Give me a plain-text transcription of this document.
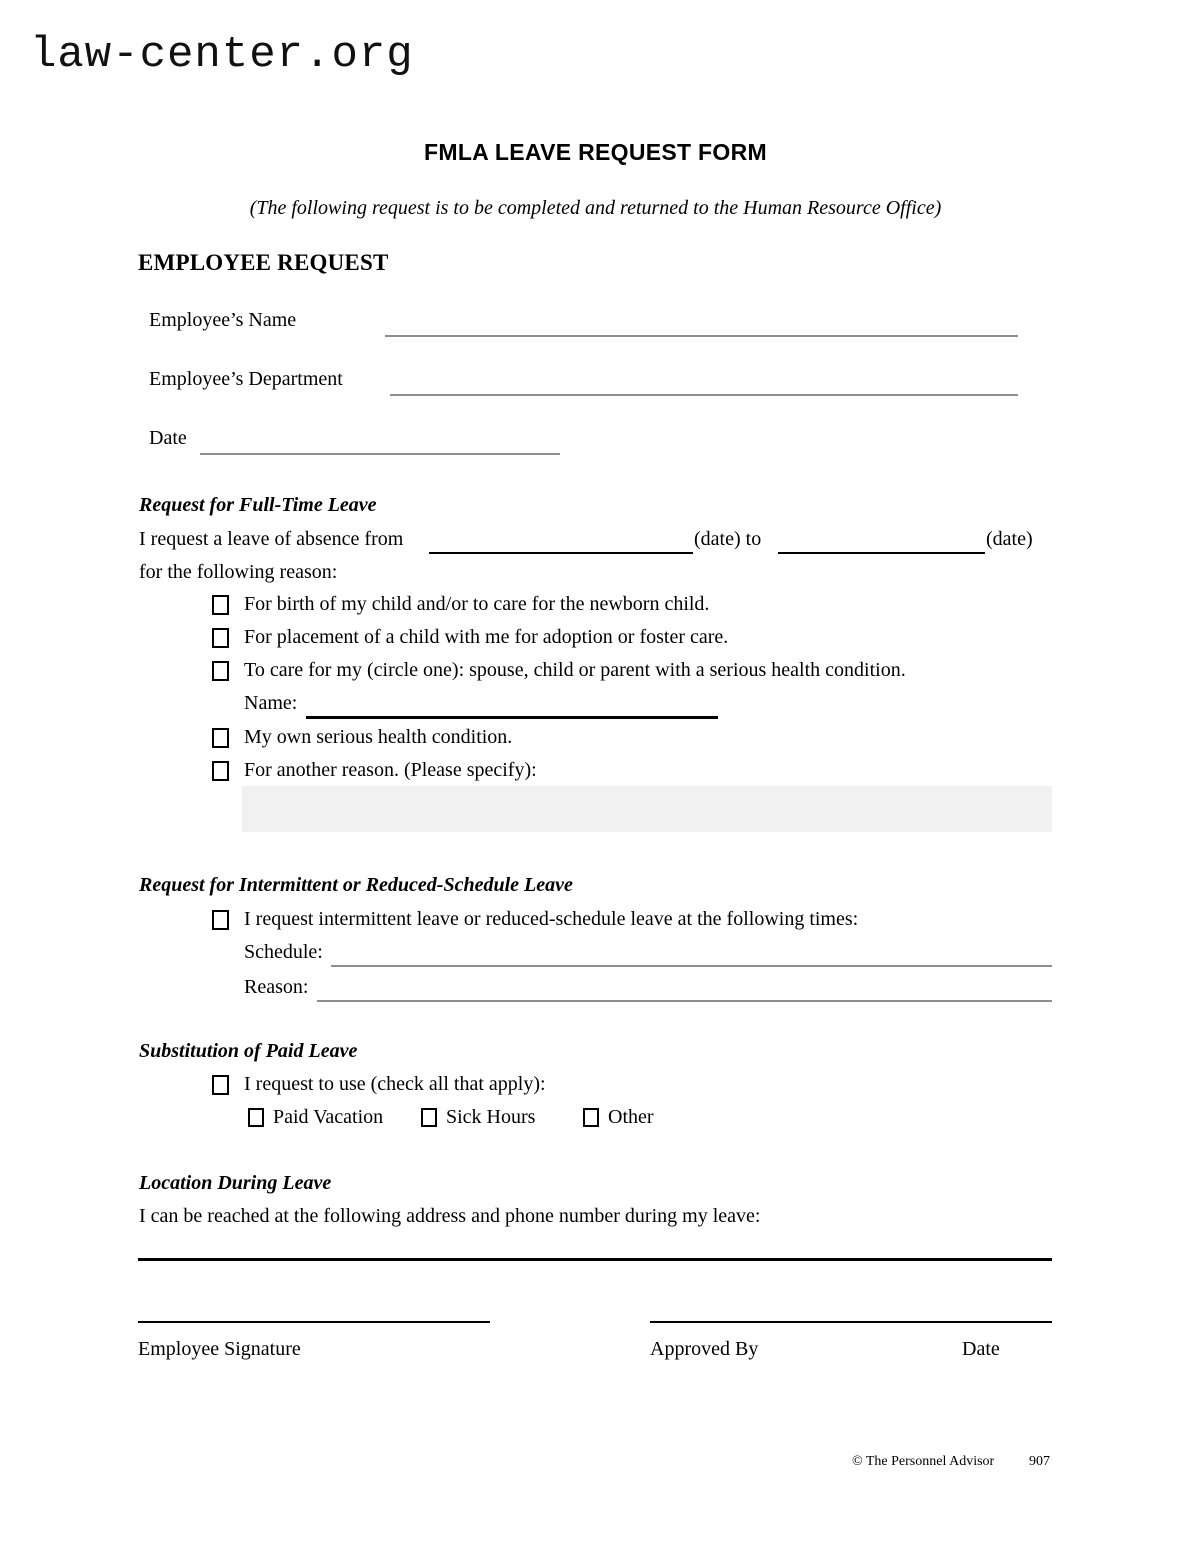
law-center.org
FMLA LEAVE REQUEST FORM
(The following request is to be completed and returned to the Human Resource Office)
EMPLOYEE REQUEST
Employee’s Name
Employee’s Department
Date
Request for Full-Time Leave
I request a leave of absence from	(date) to	(date)
for the following reason:
For birth of my child and/or to care for the newborn child.
For placement of a child with me for adoption or foster care.
To care for my (circle one): spouse, child or parent with a serious health condition.
Name:
My own serious health condition.
For another reason. (Please specify):
Request for Intermittent or Reduced-Schedule Leave
I request intermittent leave or reduced-schedule leave at the following times:
Schedule:
Reason:
Substitution of Paid Leave
I request to use (check all that apply):
Paid Vacation	Sick Hours	Other
Location During Leave
I can be reached at the following address and phone number during my leave:
Employee Signature	Approved By	Date
© The Personnel Advisor 907
